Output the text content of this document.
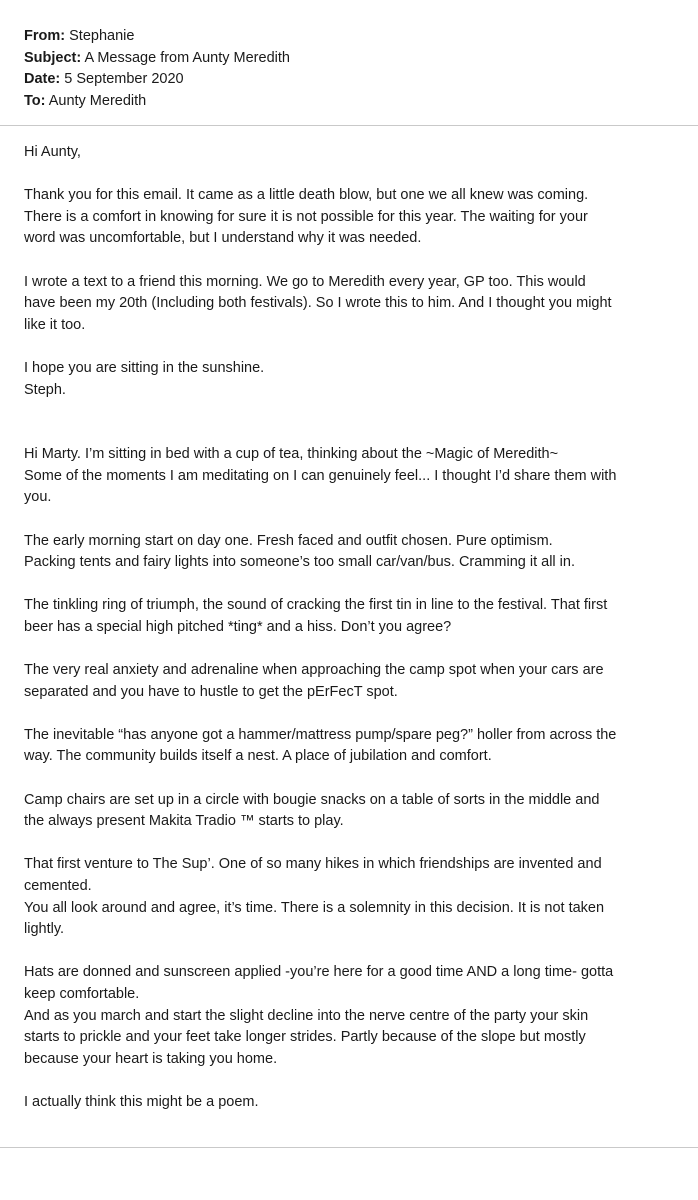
From: Stephanie
Subject: A Message from Aunty Meredith
Date: 5 September 2020
To: Aunty Meredith
Hi Aunty,
Thank you for this email. It came as a little death blow, but one we all knew was coming.
There is a comfort in knowing for sure it is not possible for this year. The waiting for your
word was uncomfortable, but I understand why it was needed.
I wrote a text to a friend this morning. We go to Meredith every year, GP too. This would
have been my 20th (Including both festivals). So I wrote this to him. And I thought you might
like it too.
I hope you are sitting in the sunshine.
Steph.
Hi Marty. I’m sitting in bed with a cup of tea, thinking about the ~Magic of Meredith~
Some of the moments I am meditating on I can genuinely feel... I thought I’d share them with
you.
The early morning start on day one. Fresh faced and outfit chosen. Pure optimism.
Packing tents and fairy lights into someone’s too small car/van/bus. Cramming it all in.
The tinkling ring of triumph, the sound of cracking the first tin in line to the festival. That first
beer has a special high pitched *ting* and a hiss. Don’t you agree?
The very real anxiety and adrenaline when approaching the camp spot when your cars are
separated and you have to hustle to get the pErFecT spot.
The inevitable “has anyone got a hammer/mattress pump/spare peg?” holler from across the
way. The community builds itself a nest. A place of jubilation and comfort.
Camp chairs are set up in a circle with bougie snacks on a table of sorts in the middle and
the always present Makita Tradio ™ starts to play.
That first venture to The Sup’. One of so many hikes in which friendships are invented and
cemented.
You all look around and agree, it’s time. There is a solemnity in this decision. It is not taken
lightly.
Hats are donned and sunscreen applied -you’re here for a good time AND a long time- gotta
keep comfortable.
And as you march and start the slight decline into the nerve centre of the party your skin
starts to prickle and your feet take longer strides. Partly because of the slope but mostly
because your heart is taking you home.
I actually think this might be a poem.
